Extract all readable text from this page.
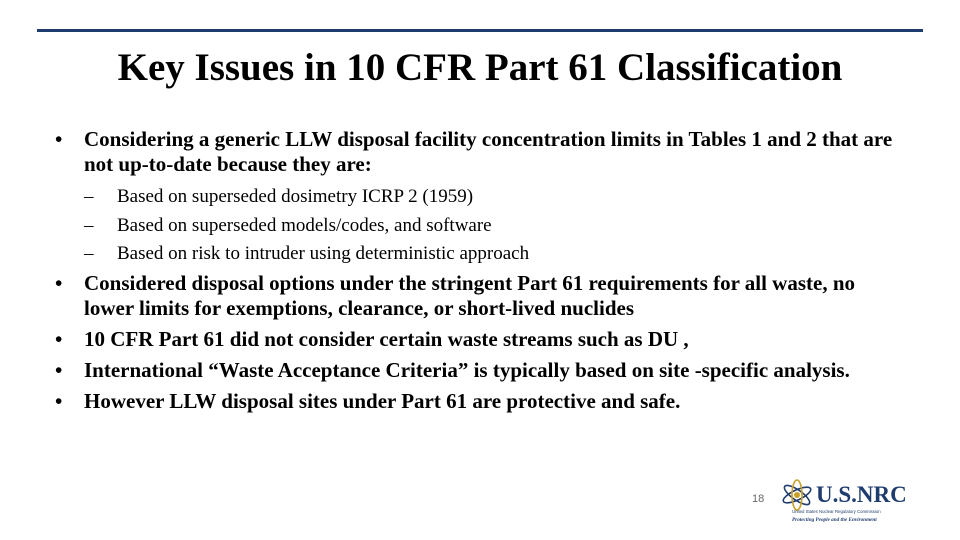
Key Issues in 10 CFR Part 61 Classification
• Considering a generic LLW disposal facility concentration limits in Tables 1 and 2 that are not up-to-date because they are:
– Based on superseded dosimetry ICRP 2 (1959)
– Based on superseded models/codes, and software
– Based on risk to intruder using deterministic approach
• Considered disposal options under the stringent Part 61 requirements for all waste, no lower limits for exemptions, clearance, or short-lived nuclides
• 10 CFR Part 61 did not consider certain waste streams such as DU ,
• International “Waste Acceptance Criteria” is typically based on site -specific analysis.
• However LLW disposal sites under Part 61 are protective and safe.
18 U.S.NRC
United States Nuclear Regulatory Commission
Protecting People and the Environment
